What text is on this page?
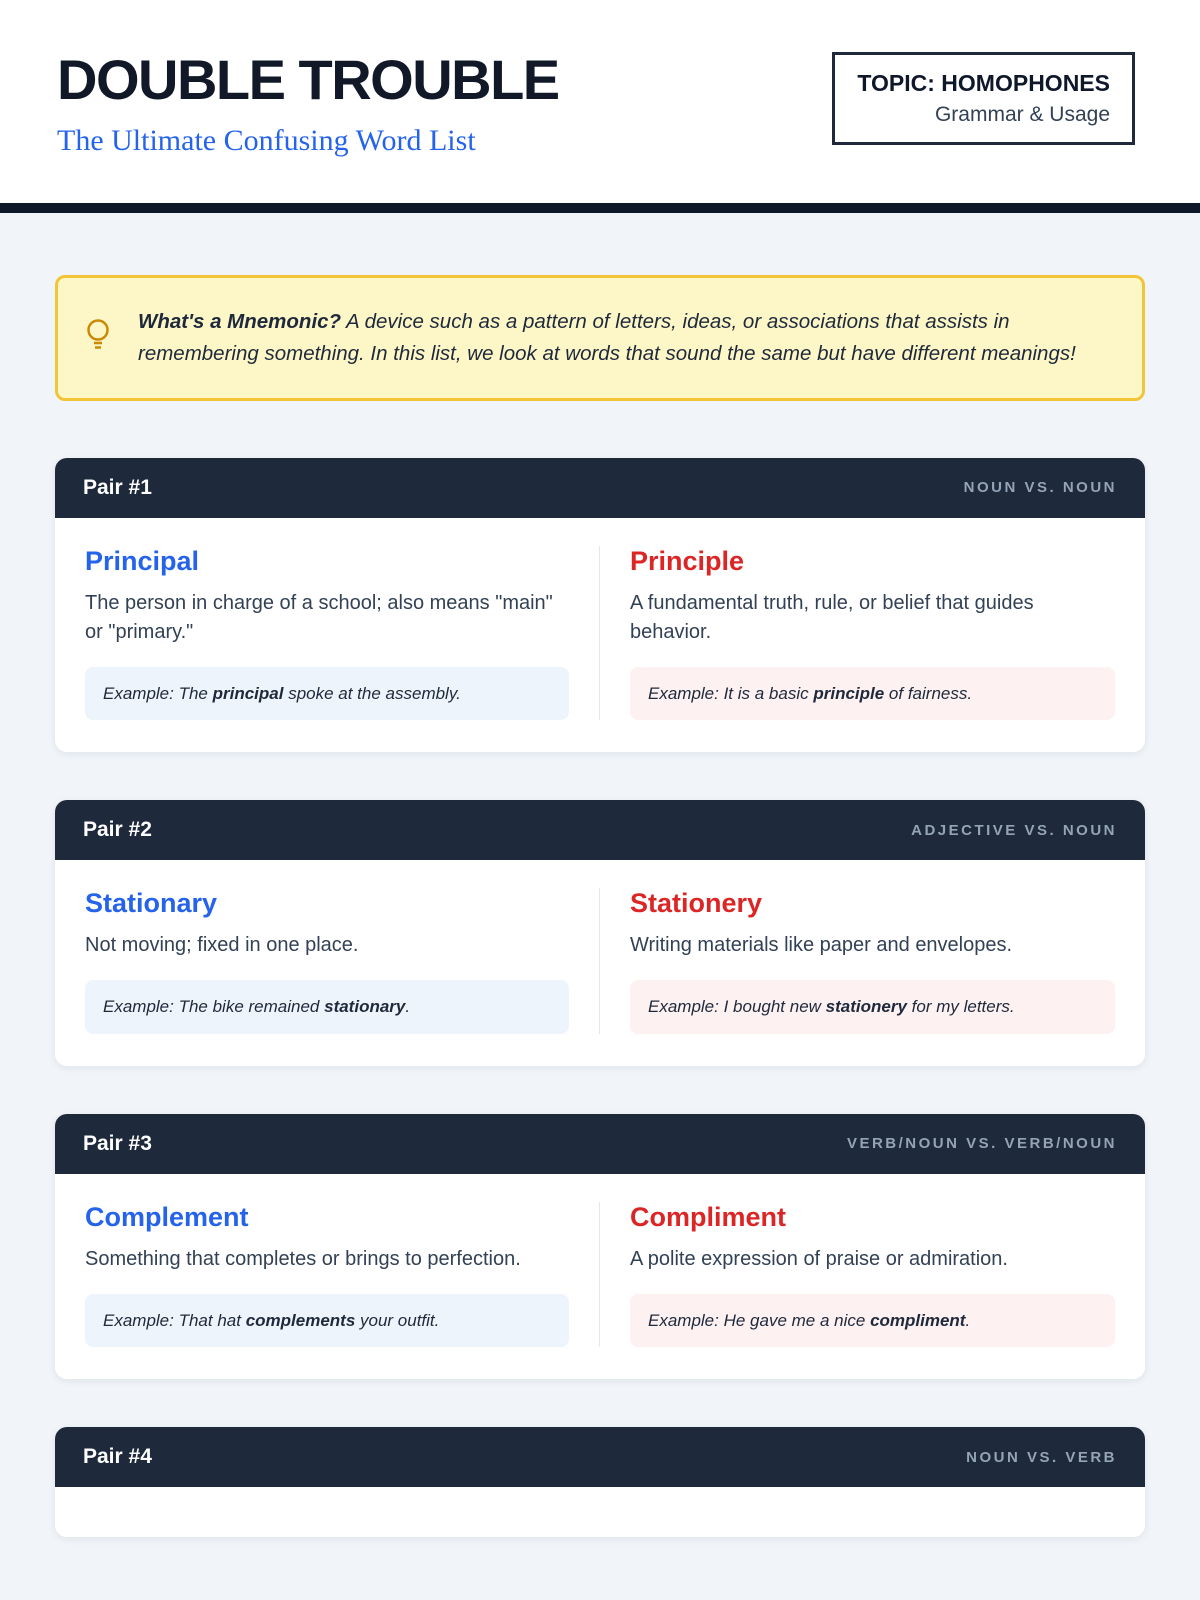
DOUBLE TROUBLE
The Ultimate Confusing Word List
TOPIC: HOMOPHONES
Grammar & Usage

What's a Mnemonic? A device such as a pattern of letters, ideas, or associations that assists in remembering something. In this list, we look at words that sound the same but have different meanings!

Pair #1	NOUN VS. NOUN
Principal

The person in charge of a school; also means "main" or "primary."

Example: The principal spoke at the assembly.
Principle

A fundamental truth, rule, or belief that guides behavior.

Example: It is a basic principle of fairness.
Pair #2	ADJECTIVE VS. NOUN
Stationary

Not moving; fixed in one place.

Example: The bike remained stationary.
Stationery

Writing materials like paper and envelopes.

Example: I bought new stationery for my letters.
Pair #3	VERB/NOUN VS. VERB/NOUN
Complement

Something that completes or brings to perfection.

Example: That hat complements your outfit.
Compliment

A polite expression of praise or admiration.

Example: He gave me a nice compliment.
Pair #4	NOUN VS. VERB
